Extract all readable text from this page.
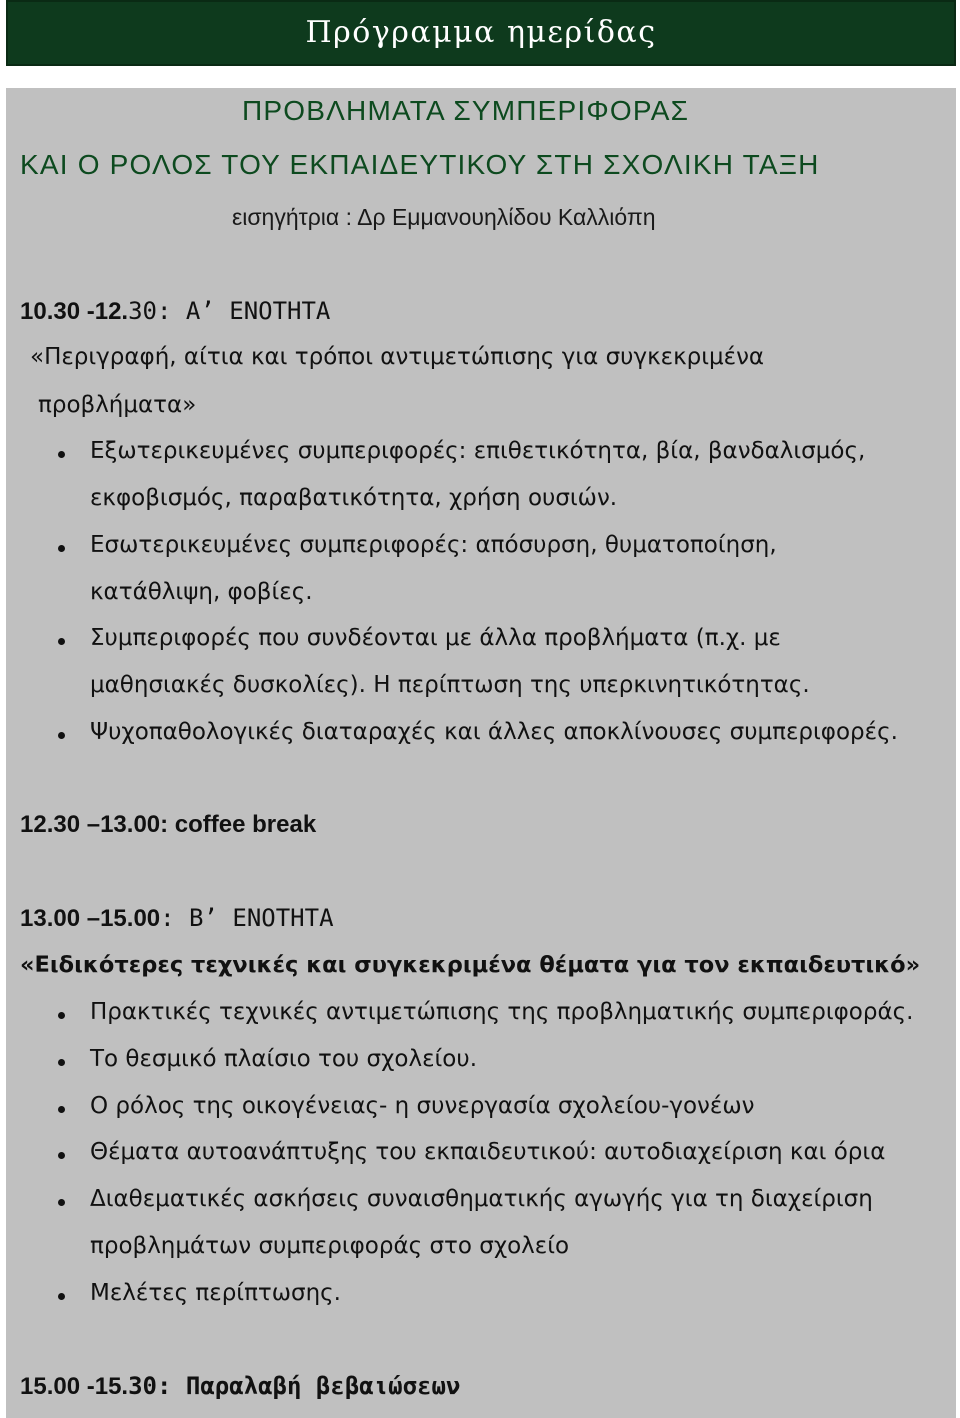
Πρόγραμμα ημερίδας
ΠΡΟΒΛΗΜΑΤΑ ΣΥΜΠΕΡΙΦΟΡΑΣ
ΚΑΙ Ο ΡΟΛΟΣ ΤΟΥ ΕΚΠΑΙΔΕΥΤΙΚΟΥ ΣΤΗ ΣΧΟΛΙΚΗ ΤΑΞΗ
εισηγήτρια : Δρ Εμμανουηλίδου Καλλιόπη
10.30 -12.30: Α’ ΕΝΟΤΗΤΑ
«Περιγραφή, αίτια και τρόποι αντιμετώπισης για συγκεκριμένα
προβλήματα»
Εξωτερικευμένες συμπεριφορές: επιθετικότητα, βία, βανδαλισμός,
εκφοβισμός, παραβατικότητα, χρήση ουσιών.
Εσωτερικευμένες συμπεριφορές: απόσυρση, θυματοποίηση,
κατάθλιψη, φοβίες.
Συμπεριφορές που συνδέονται με άλλα προβλήματα (π.χ. με
μαθησιακές δυσκολίες). Η περίπτωση της υπερκινητικότητας.
Ψυχοπαθολογικές διαταραχές και άλλες αποκλίνουσες συμπεριφορές.
12.30 –13.00: coffee break
13.00 –15.00: Β’ ΕΝΟΤΗΤΑ
«Ειδικότερες τεχνικές και συγκεκριμένα θέματα για τον εκπαιδευτικό»
Πρακτικές τεχνικές αντιμετώπισης της προβληματικής συμπεριφοράς.
Το θεσμικό πλαίσιο του σχολείου.
Ο ρόλος της οικογένειας- η συνεργασία σχολείου-γονέων
Θέματα αυτοανάπτυξης του εκπαιδευτικού: αυτοδιαχείριση και όρια
Διαθεματικές ασκήσεις συναισθηματικής αγωγής για τη διαχείριση
προβλημάτων συμπεριφοράς στο σχολείο
Μελέτες περίπτωσης.
15.00 -15.30: Παραλαβή βεβαιώσεων
